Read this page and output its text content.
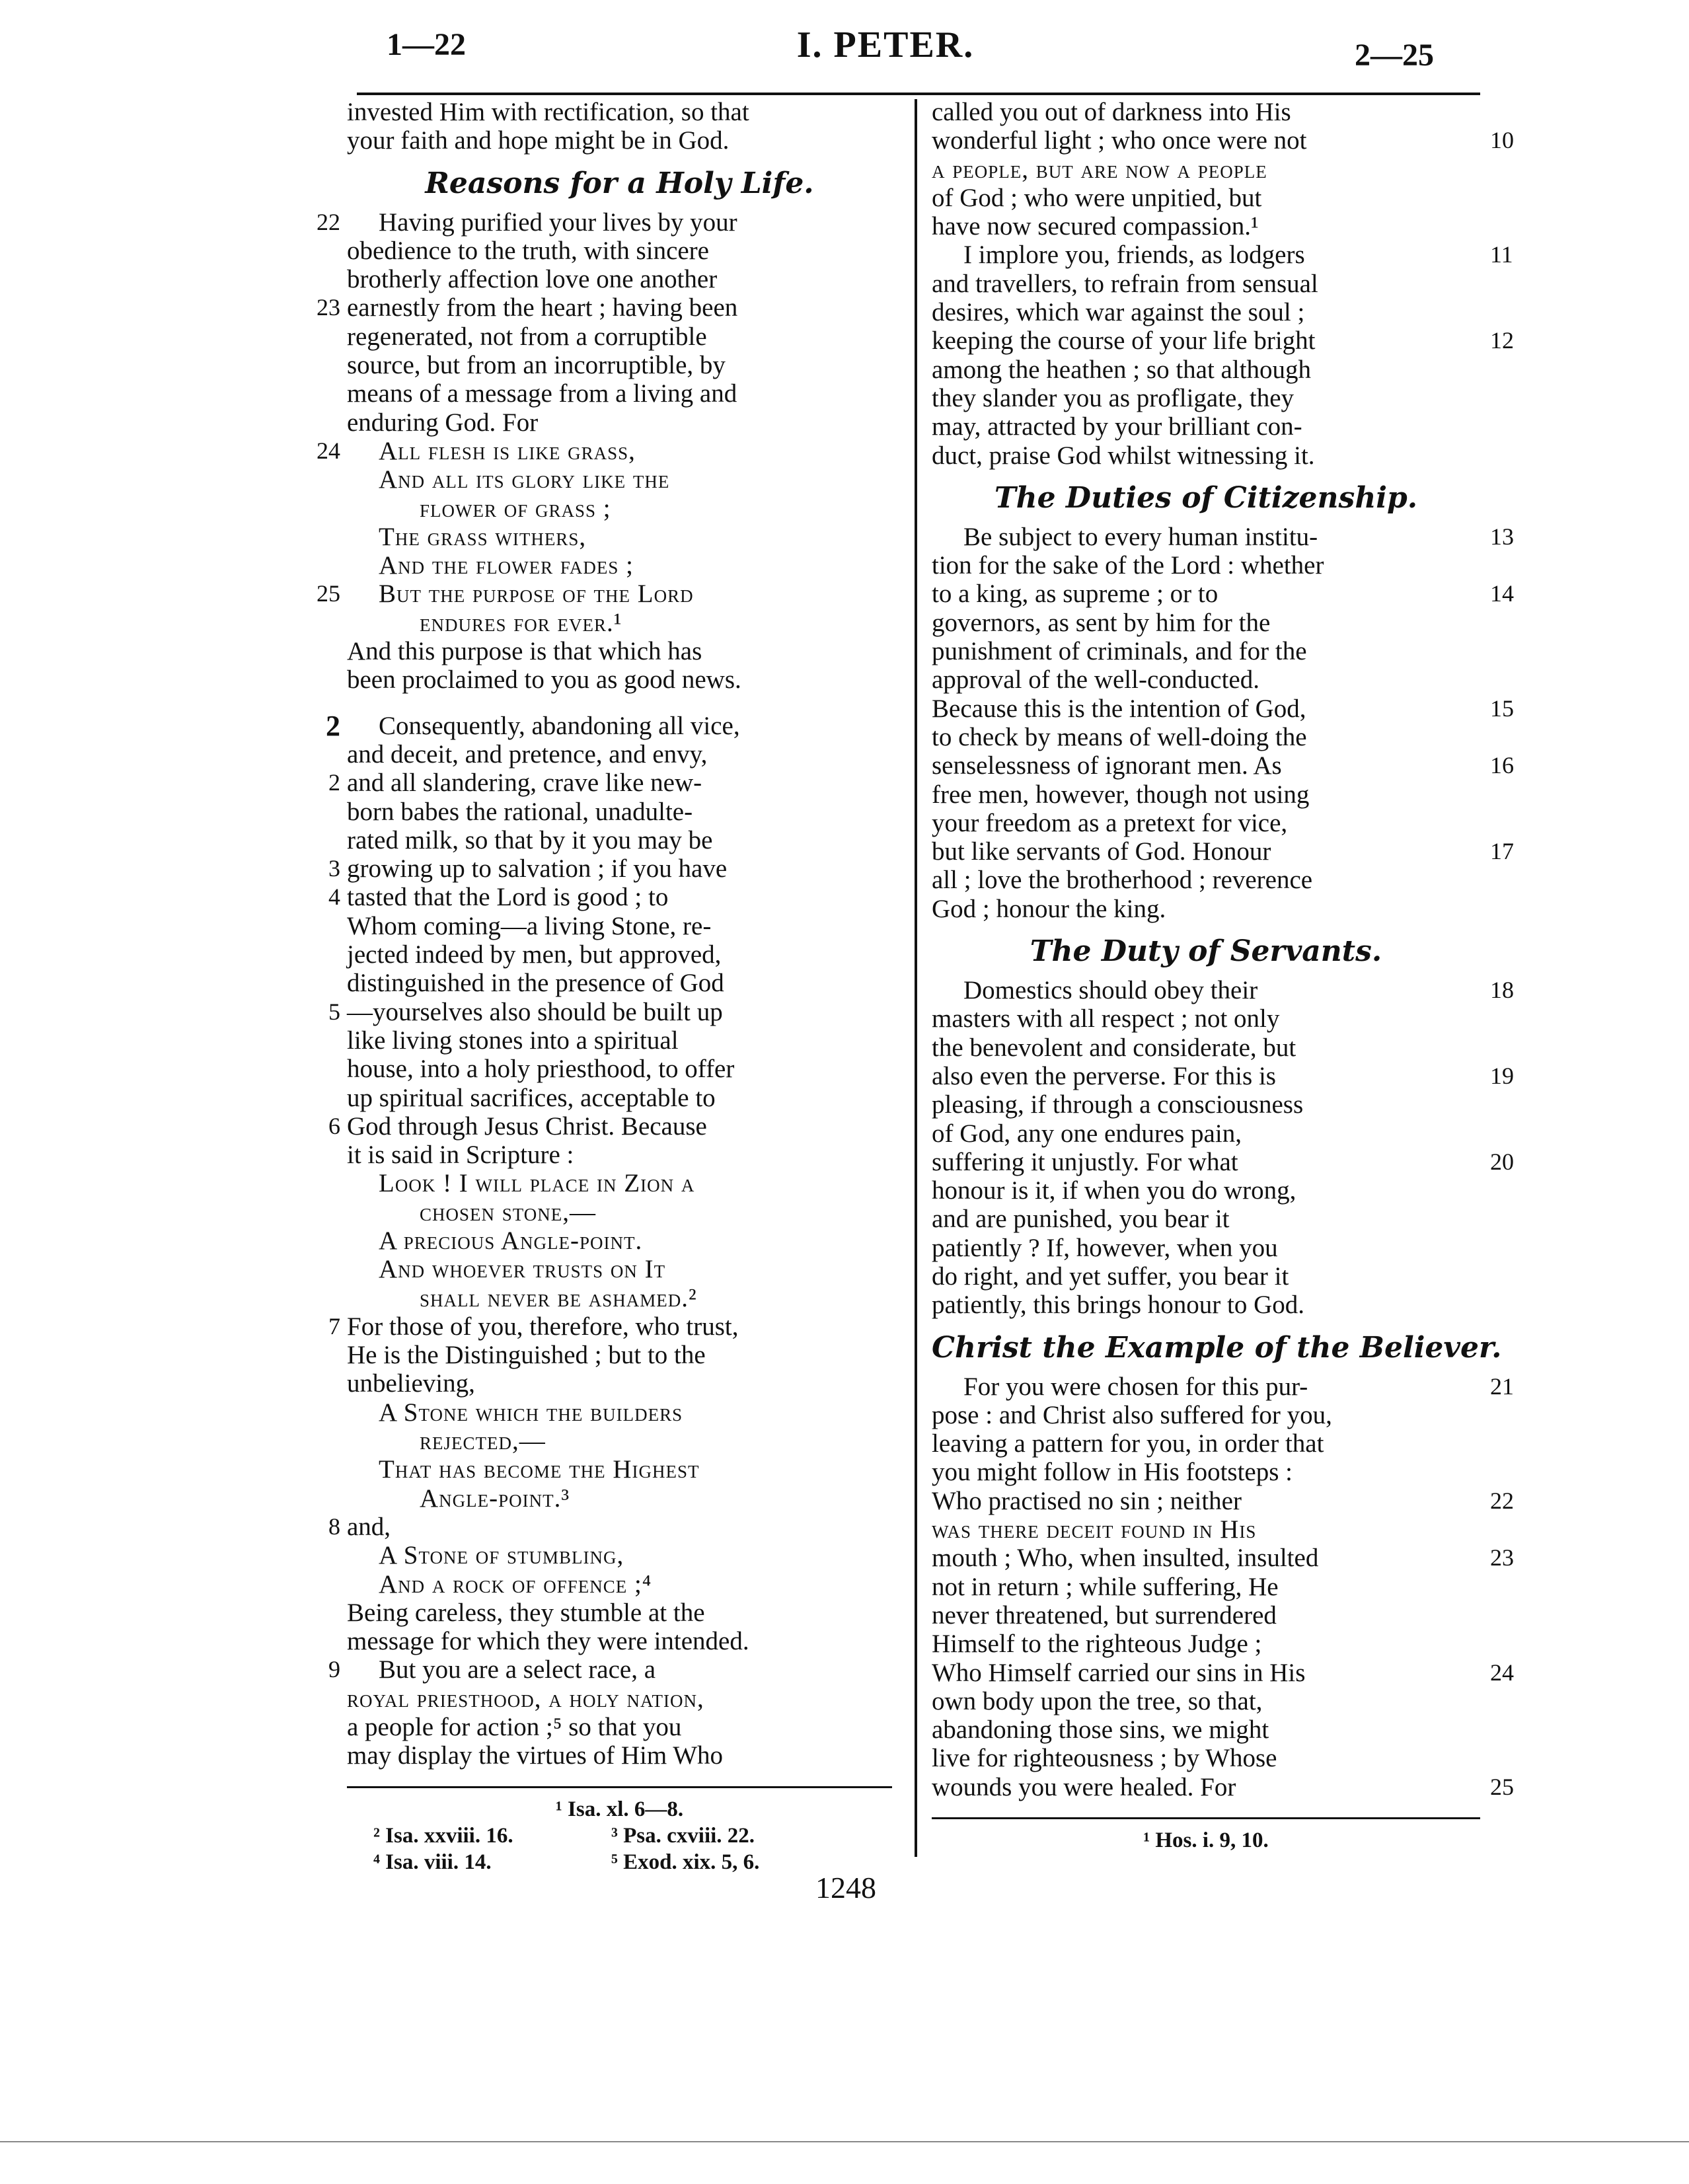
1—22	I. PETER.	2—25
invested Him with rectification, so that
your faith and hope might be in God.
Reasons for a Holy Life.
22	Having purified your lives by your
obedience to the truth, with sincere
brotherly affection love one another
23 earnestly from the heart ; having been
regenerated, not from a corruptible
source, but from an incorruptible, by
means of a message from a living and
enduring God. For
24	All flesh is like grass,
And all its glory like the
flower of grass ;
The grass withers,
And the flower fades ;
25	But the purpose of the Lord
endures for ever.¹
And this purpose is that which has
been proclaimed to you as good news.
2	Consequently, abandoning all vice,
and deceit, and pretence, and envy,
2 and all slandering, crave like new-
born babes the rational, unadulte-
rated milk, so that by it you may be
3 growing up to salvation ; if you have
4 tasted that the Lord is good ; to
Whom coming—a living Stone, re-
jected indeed by men, but approved,
distinguished in the presence of God
5 —yourselves also should be built up
like living stones into a spiritual
house, into a holy priesthood, to offer
up spiritual sacrifices, acceptable to
6 God through Jesus Christ. Because
it is said in Scripture :
Look ! I will place in Zion a
chosen stone,—
A precious Angle-point.
And whoever trusts on It
shall never be ashamed.²
7 For those of you, therefore, who trust,
He is the Distinguished ; but to the
unbelieving,
A Stone which the builders
rejected,—
That has become the Highest
Angle-point.³
8 and,
A Stone of stumbling,
And a rock of offence ;⁴
Being careless, they stumble at the
message for which they were intended.
9	But you are a select race, a
royal priesthood, a holy nation,
a people for action ;⁵ so that you
may display the virtues of Him Who
¹ Isa. xl. 6—8.
² Isa. xxviii. 16.	³ Psa. cxviii. 22.
⁴ Isa. viii. 14.	⁵ Exod. xix. 5, 6.
called you out of darkness into His
10
wonderful light ; who once were not
a people, but are now a people
of God ; who were unpitied, but
have now secured compassion.¹
11
I implore you, friends, as lodgers
and travellers, to refrain from sensual
desires, which war against the soul ;
12
keeping the course of your life bright
among the heathen ; so that although
they slander you as profligate, they
may, attracted by your brilliant con-
duct, praise God whilst witnessing it.
The Duties of Citizenship.
13
Be subject to every human institu-
tion for the sake of the Lord : whether
14
to a king, as supreme ; or to
governors, as sent by him for the
punishment of criminals, and for the
approval of the well-conducted.
15
Because this is the intention of God,
to check by means of well-doing the
16
senselessness of ignorant men. As
free men, however, though not using
your freedom as a pretext for vice,
17
but like servants of God. Honour
all ; love the brotherhood ; reverence
God ; honour the king.
The Duty of Servants.
18
Domestics should obey their
masters with all respect ; not only
the benevolent and considerate, but
19
also even the perverse. For this is
pleasing, if through a consciousness
of God, any one endures pain,
20
suffering it unjustly. For what
honour is it, if when you do wrong,
and are punished, you bear it
patiently ? If, however, when you
do right, and yet suffer, you bear it
patiently, this brings honour to God.
Christ the Example of the Believer.
21
For you were chosen for this pur-
pose : and Christ also suffered for you,
leaving a pattern for you, in order that
you might follow in His footsteps :
22
Who practised no sin ; neither
was there deceit found in His
23
mouth ; Who, when insulted, insulted
not in return ; while suffering, He
never threatened, but surrendered
Himself to the righteous Judge ;
24
Who Himself carried our sins in His
own body upon the tree, so that,
abandoning those sins, we might
live for righteousness ; by Whose
25
wounds you were healed. For
¹ Hos. i. 9, 10.
1248
